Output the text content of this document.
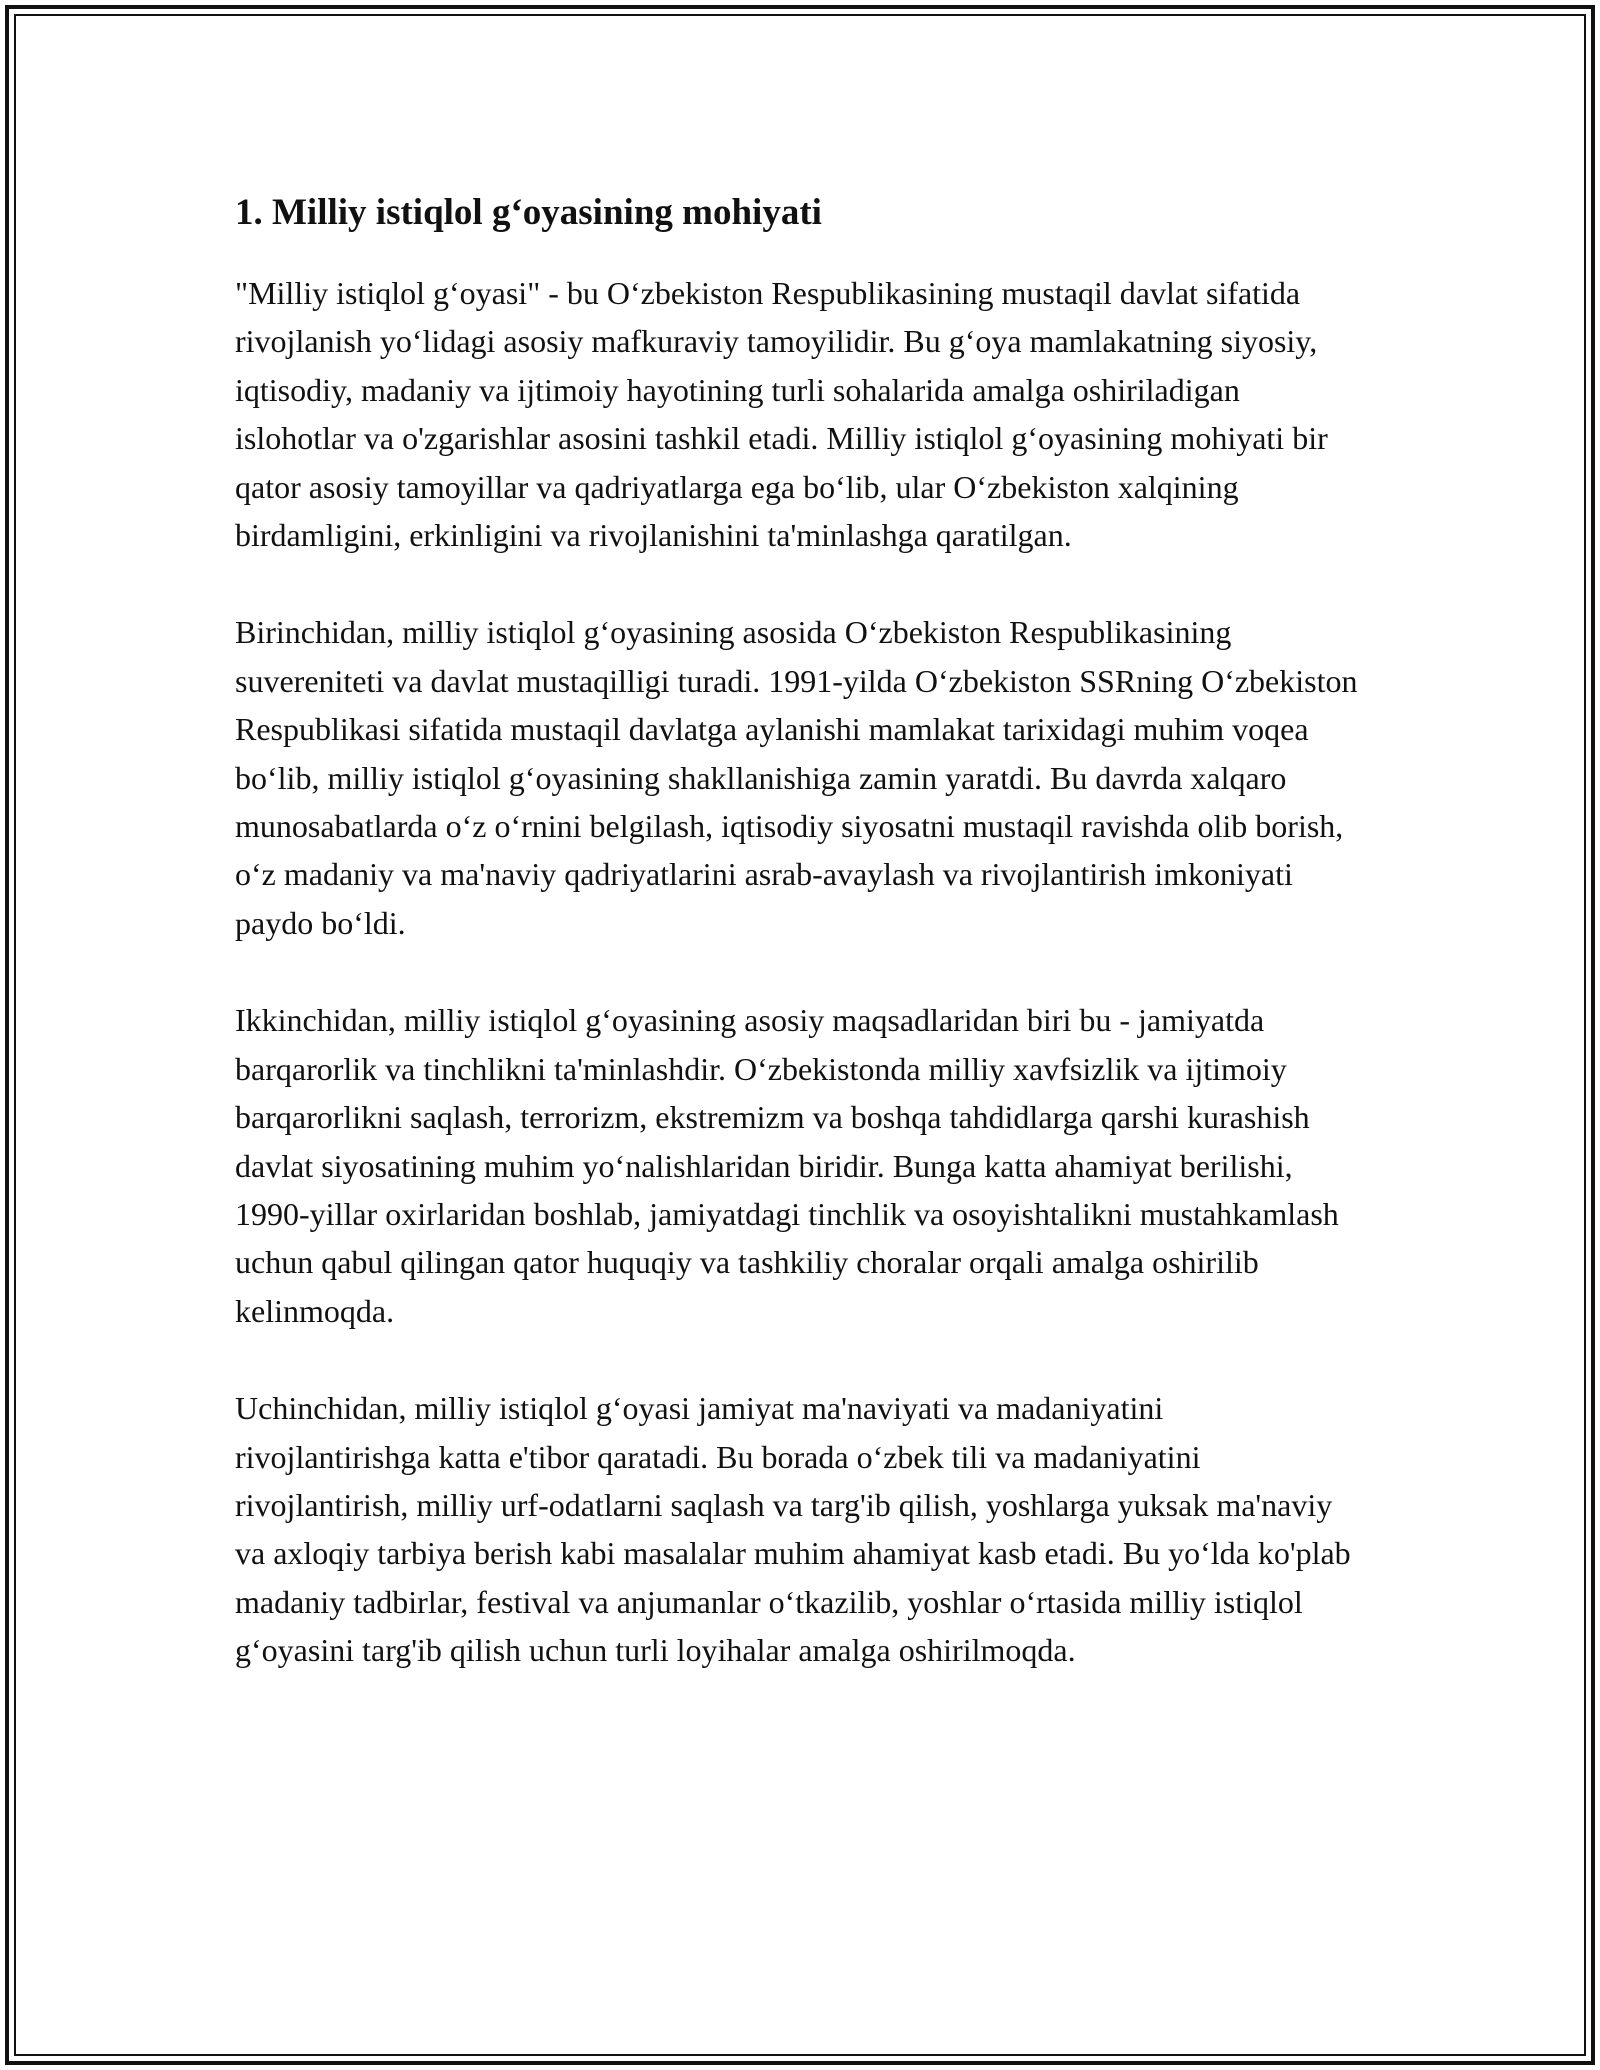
1. Milliy istiqlol g‘oyasining mohiyati

"Milliy istiqlol g‘oyasi" - bu O‘zbekiston Respublikasining mustaqil davlat sifatida rivojlanish yo‘lidagi asosiy mafkuraviy tamoyilidir. Bu g‘oya mamlakatning siyosiy, iqtisodiy, madaniy va ijtimoiy hayotining turli sohalarida amalga oshiriladigan islohotlar va o'zgarishlar asosini tashkil etadi. Milliy istiqlol g‘oyasining mohiyati bir qator asosiy tamoyillar va qadriyatlarga ega bo‘lib, ular O‘zbekiston xalqining birdamligini, erkinligini va rivojlanishini ta'minlashga qaratilgan.

Birinchidan, milliy istiqlol g‘oyasining asosida O‘zbekiston Respublikasining suvereniteti va davlat mustaqilligi turadi. 1991-yilda O‘zbekiston SSRning O‘zbekiston Respublikasi sifatida mustaqil davlatga aylanishi mamlakat tarixidagi muhim voqea bo‘lib, milliy istiqlol g‘oyasining shakllanishiga zamin yaratdi. Bu davrda xalqaro munosabatlarda o‘z o‘rnini belgilash, iqtisodiy siyosatni mustaqil ravishda olib borish, o‘z madaniy va ma'naviy qadriyatlarini asrab-avaylash va rivojlantirish imkoniyati paydo bo‘ldi.

Ikkinchidan, milliy istiqlol g‘oyasining asosiy maqsadlaridan biri bu - jamiyatda barqarorlik va tinchlikni ta'minlashdir. O‘zbekistonda milliy xavfsizlik va ijtimoiy barqarorlikni saqlash, terrorizm, ekstremizm va boshqa tahdidlarga qarshi kurashish davlat siyosatining muhim yo‘nalishlaridan biridir. Bunga katta ahamiyat berilishi, 1990-yillar oxirlaridan boshlab, jamiyatdagi tinchlik va osoyishtalikni mustahkamlash uchun qabul qilingan qator huquqiy va tashkiliy choralar orqali amalga oshirilib kelinmoqda.

Uchinchidan, milliy istiqlol g‘oyasi jamiyat ma'naviyati va madaniyatini rivojlantirishga katta e'tibor qaratadi. Bu borada o‘zbek tili va madaniyatini rivojlantirish, milliy urf-odatlarni saqlash va targ'ib qilish, yoshlarga yuksak ma'naviy va axloqiy tarbiya berish kabi masalalar muhim ahamiyat kasb etadi. Bu yo‘lda ko'plab madaniy tadbirlar, festival va anjumanlar o‘tkazilib, yoshlar o‘rtasida milliy istiqlol g‘oyasini targ'ib qilish uchun turli loyihalar amalga oshirilmoqda.
